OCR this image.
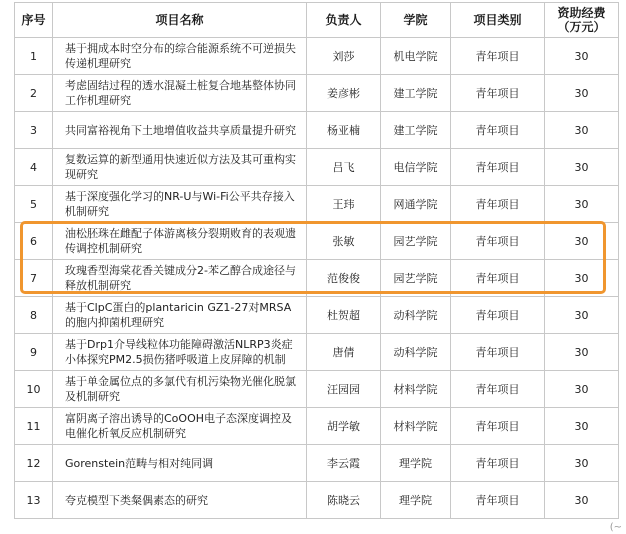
序号	项目名称	负责人	学院	项目类别	资助经费（万元）
1	基于拥成本时空分布的综合能源系统不可逆损失传递机理研究	刘莎	机电学院	青年项目	30
2	考虑固结过程的透水混凝土桩复合地基整体协同工作机理研究	姜彦彬	建工学院	青年项目	30
3	共同富裕视角下土地增值收益共享质量提升研究	杨亚楠	建工学院	青年项目	30
4	复数运算的新型通用快速近似方法及其可重构实现研究	吕飞	电信学院	青年项目	30
5	基于深度强化学习的NR-U与Wi-Fi公平共存接入机制研究	王玮	网通学院	青年项目	30
6	油松胚珠在雌配子体游离核分裂期败育的表观遗传调控机制研究	张敏	园艺学院	青年项目	30
7	玫瑰香型海棠花香关键成分2-苯乙醇合成途径与释放机制研究	范俊俊	园艺学院	青年项目	30
8	基于ClpC蛋白的plantaricin GZ1-27对MRSA的胞内抑菌机理研究	杜贺超	动科学院	青年项目	30
9	基于Drp1介导线粒体功能障碍激活NLRP3炎症小体探究PM2.5损伤猪呼吸道上皮屏障的机制	唐倩	动科学院	青年项目	30
10	基于单金属位点的多氯代有机污染物光催化脱氯及机制研究	汪园园	材料学院	青年项目	30
11	富阴离子溶出诱导的CoOOH电子态深度调控及电催化析氧反应机制研究	胡学敏	材料学院	青年项目	30
12	Gorenstein范畴与相对纯同调	李云霞	理学院	青年项目	30
13	夸克模型下类粲偶素态的研究	陈晓云	理学院	青年项目	30
(~
